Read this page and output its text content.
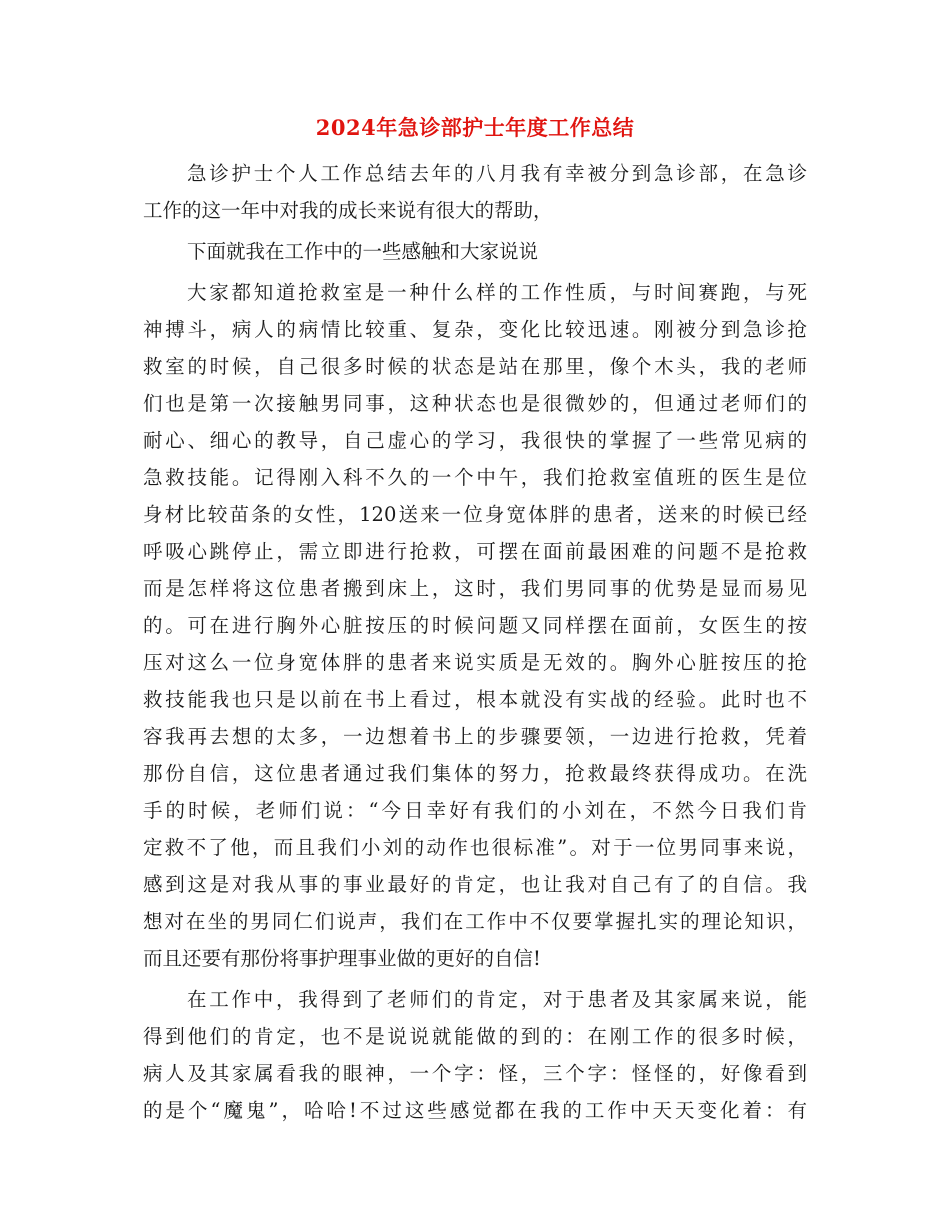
2024年急诊部护士年度工作总结
急诊护士个人工作总结去年的八月我有幸被分到急诊部，在急诊
工作的这一年中对我的成长来说有很大的帮助，
下面就我在工作中的一些感触和大家说说
大家都知道抢救室是一种什么样的工作性质，与时间赛跑，与死
神搏斗，病人的病情比较重、复杂，变化比较迅速。刚被分到急诊抢
救室的时候，自己很多时候的状态是站在那里，像个木头，我的老师
们也是第一次接触男同事，这种状态也是很微妙的，但通过老师们的
耐心、细心的教导，自己虚心的学习，我很快的掌握了一些常见病的
急救技能。记得刚入科不久的一个中午，我们抢救室值班的医生是位
身材比较苗条的女性，120送来一位身宽体胖的患者，送来的时候已经
呼吸心跳停止，需立即进行抢救，可摆在面前最困难的问题不是抢救
而是怎样将这位患者搬到床上，这时，我们男同事的优势是显而易见
的。可在进行胸外心脏按压的时候问题又同样摆在面前，女医生的按
压对这么一位身宽体胖的患者来说实质是无效的。胸外心脏按压的抢
救技能我也只是以前在书上看过，根本就没有实战的经验。此时也不
容我再去想的太多，一边想着书上的步骤要领，一边进行抢救，凭着
那份自信，这位患者通过我们集体的努力，抢救最终获得成功。在洗
手的时候，老师们说：“今日幸好有我们的小刘在，不然今日我们肯
定救不了他，而且我们小刘的动作也很标准”。对于一位男同事来说，
感到这是对我从事的事业最好的肯定，也让我对自己有了的自信。我
想对在坐的男同仁们说声，我们在工作中不仅要掌握扎实的理论知识，
而且还要有那份将事护理事业做的更好的自信!
在工作中，我得到了老师们的肯定，对于患者及其家属来说，能
得到他们的肯定，也不是说说就能做的到的：在刚工作的很多时候，
病人及其家属看我的眼神，一个字：怪，三个字：怪怪的，好像看到
的是个“魔鬼”，哈哈!不过这些感觉都在我的工作中天天变化着：有
